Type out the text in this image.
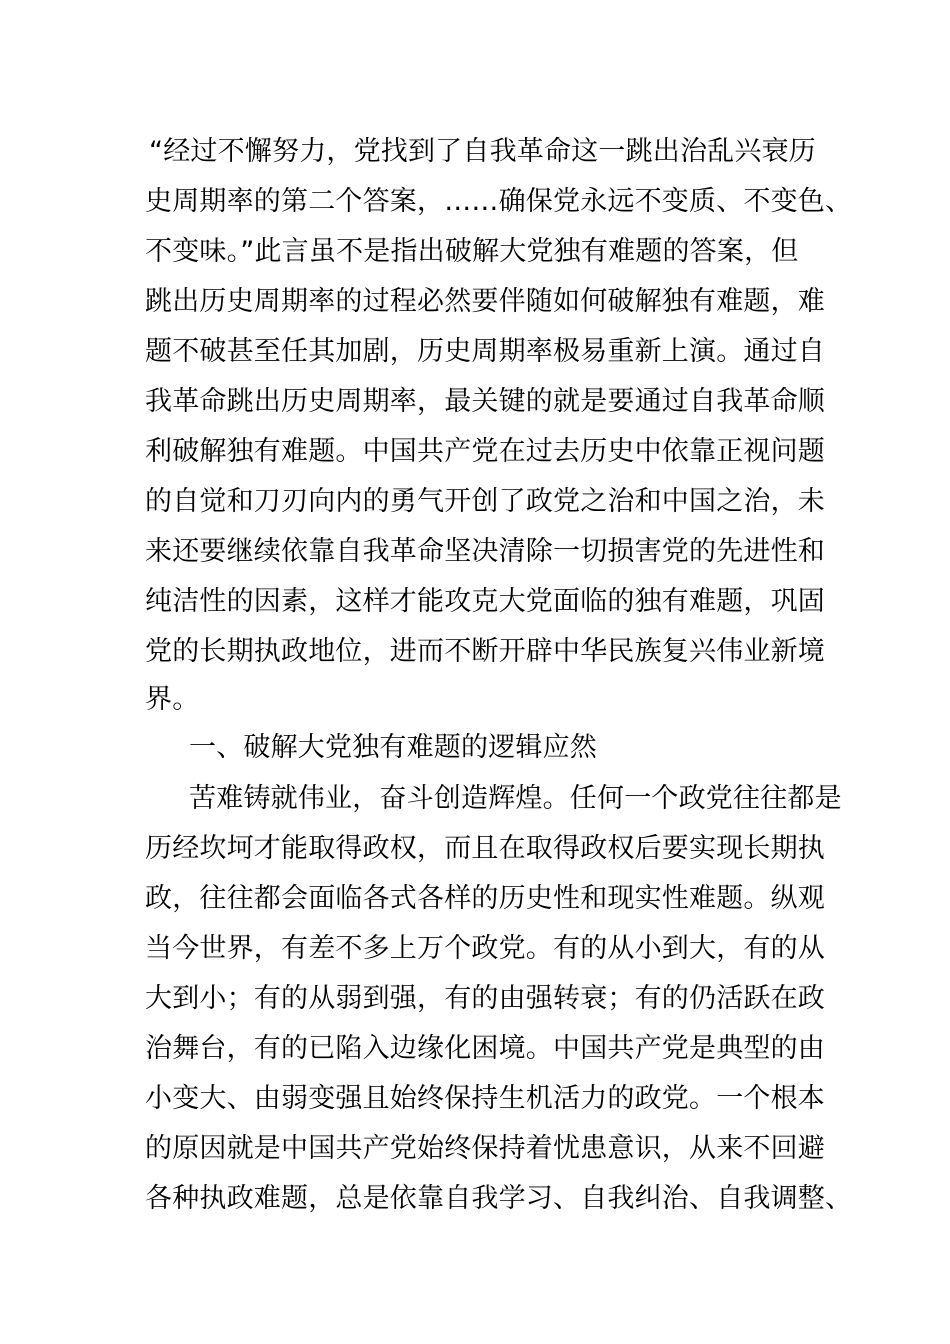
“经过不懈努力，党找到了自我革命这一跳出治乱兴衰历
史周期率的第二个答案，……确保党永远不变质、不变色、
不变味。”此言虽不是指出破解大党独有难题的答案，但
跳出历史周期率的过程必然要伴随如何破解独有难题，难
题不破甚至任其加剧，历史周期率极易重新上演。通过自
我革命跳出历史周期率，最关键的就是要通过自我革命顺
利破解独有难题。中国共产党在过去历史中依靠正视问题
的自觉和刀刃向内的勇气开创了政党之治和中国之治，未
来还要继续依靠自我革命坚决清除一切损害党的先进性和
纯洁性的因素，这样才能攻克大党面临的独有难题，巩固
党的长期执政地位，进而不断开辟中华民族复兴伟业新境
界。
一、破解大党独有难题的逻辑应然
苦难铸就伟业，奋斗创造辉煌。任何一个政党往往都是
历经坎坷才能取得政权，而且在取得政权后要实现长期执
政，往往都会面临各式各样的历史性和现实性难题。纵观
当今世界，有差不多上万个政党。有的从小到大，有的从
大到小；有的从弱到强，有的由强转衰；有的仍活跃在政
治舞台，有的已陷入边缘化困境。中国共产党是典型的由
小变大、由弱变强且始终保持生机活力的政党。一个根本
的原因就是中国共产党始终保持着忧患意识，从来不回避
各种执政难题，总是依靠自我学习、自我纠治、自我调整、
